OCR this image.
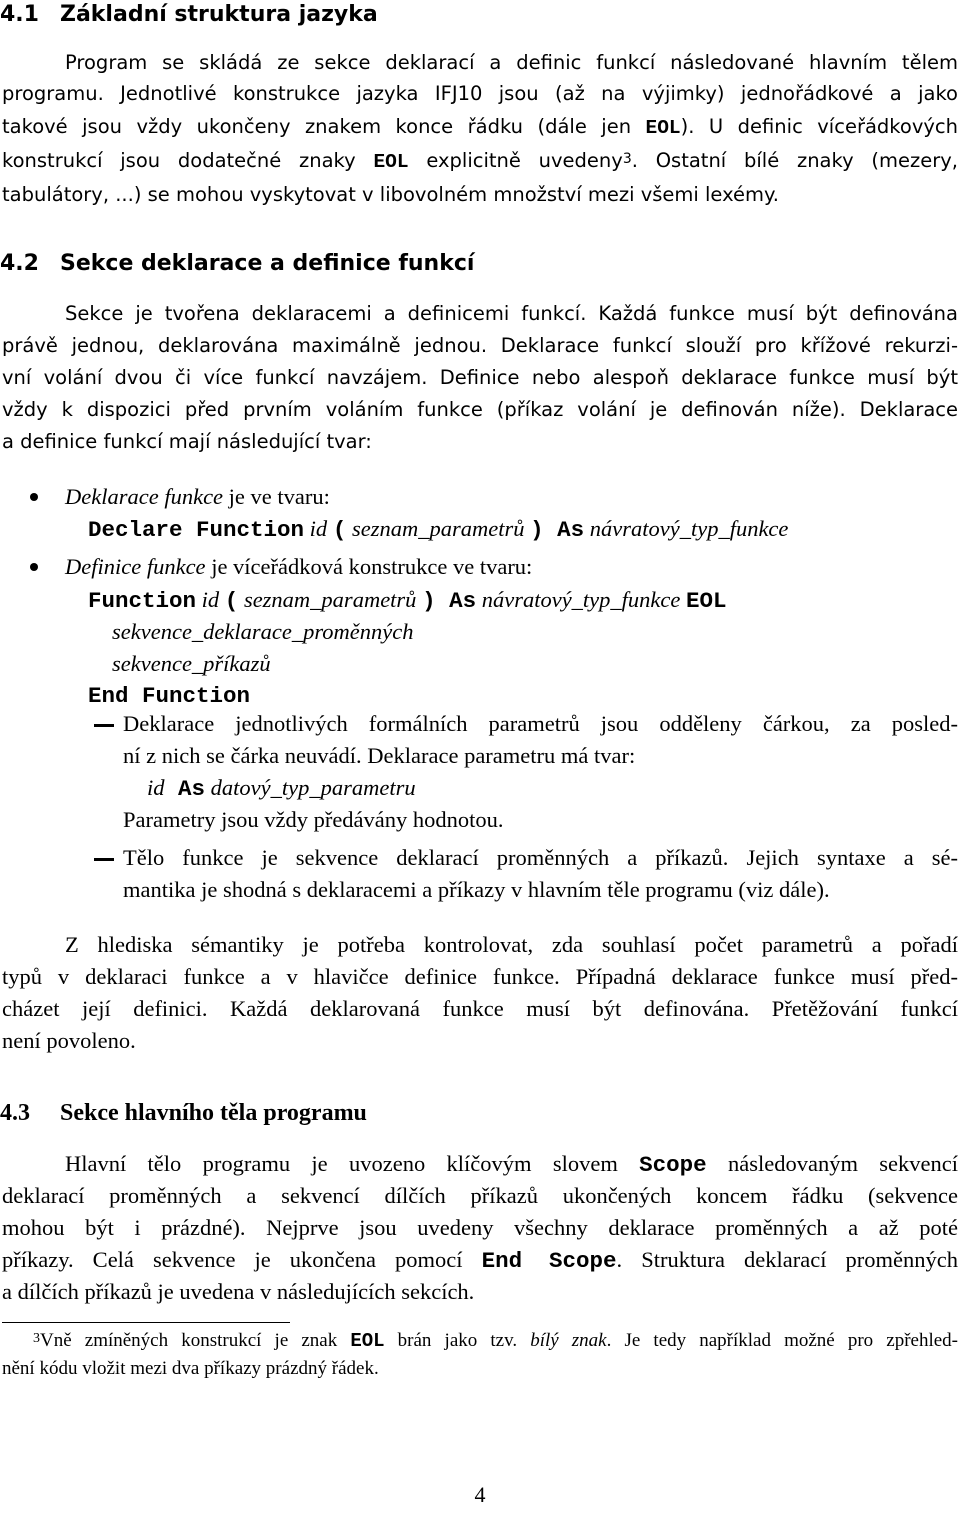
4.1 Základní struktura jazyka
Program se skládá ze sekce deklarací a definic funkcí následované hlavním tělem
programu. Jednotlivé konstrukce jazyka IFJ10 jsou (až na výjimky) jednořádkové a jako
takové jsou vždy ukončeny znakem konce řádku (dále jen EOL). U definic víceřádkových
konstrukcí jsou dodatečné znaky EOL explicitně uvedeny$^3$. Ostatní bílé znaky (mezery,
tabulátory, ...) se mohou vyskytovat v libovolném množství mezi všemi lexémy.
4.2 Sekce deklarace a definice funkcí
Sekce je tvořena deklaracemi a definicemi funkcí. Každá funkce musí být definována
právě jednou, deklarována maximálně jednou. Deklarace funkcí slouží pro křížové rekurzi-
vní volání dvou či více funkcí navzájem. Definice nebo alespoň deklarace funkce musí být
vždy k dispozici před prvním voláním funkce (příkaz volání je definován níže). Deklarace
a definice funkcí mají následující tvar:
Deklarace funkce je ve tvaru:
Declare Function id ( seznam_parametrů ) As návratový_typ_funkce
Definice funkce je víceřádková konstrukce ve tvaru:
Function id ( seznam_parametrů ) As návratový_typ_funkce EOL
sekvence_deklarace_proměnných
sekvence_příkazů
End Function
Deklarace jednotlivých formálních parametrů jsou odděleny čárkou, za posled-
ní z nich se čárka neuvádí. Deklarace parametru má tvar:
id As datový_typ_parametru
Parametry jsou vždy předávány hodnotou.
Tělo funkce je sekvence deklarací proměnných a příkazů. Jejich syntaxe a sé-
mantika je shodná s deklaracemi a příkazy v hlavním těle programu (viz dále).
Z hlediska sémantiky je potřeba kontrolovat, zda souhlasí počet parametrů a pořadí
typů v deklaraci funkce a v hlavičce definice funkce. Případná deklarace funkce musí před-
cházet její definici. Každá deklarovaná funkce musí být definována. Přetěžování funkcí
není povoleno.
4.3 Sekce hlavního těla programu
Hlavní tělo programu je uvozeno klíčovým slovem Scope následovaným sekvencí
deklarací proměnných a sekvencí dílčích příkazů ukončených koncem řádku (sekvence
mohou být i prázdné). Nejprve jsou uvedeny všechny deklarace proměnných a až poté
příkazy. Celá sekvence je ukončena pomocí End Scope. Struktura deklarací proměnných
a dílčích příkazů je uvedena v následujících sekcích.
$^3$Vně zmíněných konstrukcí je znak EOL brán jako tzv. bílý znak. Je tedy například možné pro zpřehled-
nění kódu vložit mezi dva příkazy prázdný řádek.
4
